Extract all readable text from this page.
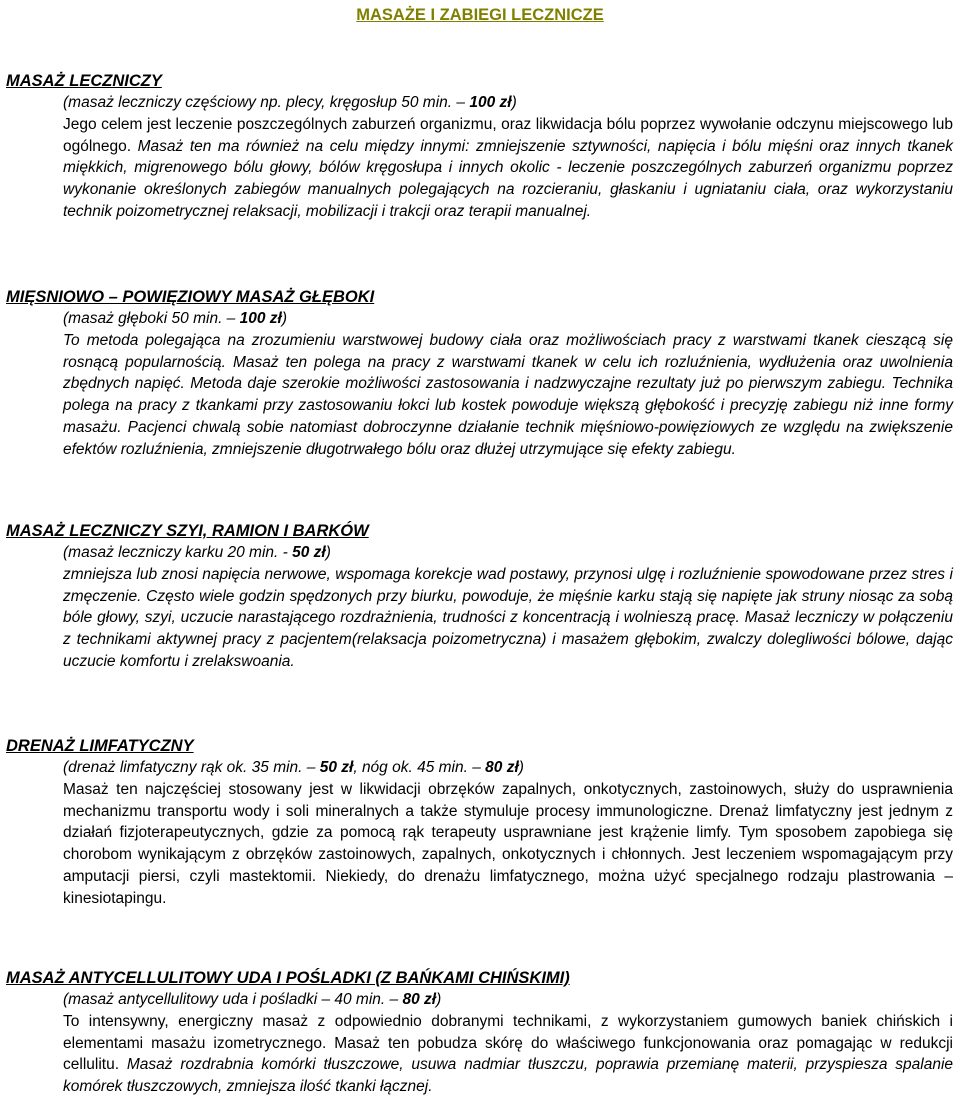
MASAŻE I ZABIEGI LECZNICZE
MASAŻ LECZNICZY
(masaż leczniczy częściowy np. plecy, kręgosłup 50 min. – 100 zł)
Jego celem jest leczenie poszczególnych zaburzeń organizmu, oraz likwidacja bólu poprzez wywołanie odczynu miejscowego lub ogólnego. Masaż ten ma również na celu między innymi: zmniejszenie sztywności, napięcia i bólu mięśni oraz innych tkanek miękkich, migrenowego bólu głowy, bólów kręgosłupa i innych okolic - leczenie poszczególnych zaburzeń organizmu poprzez wykonanie określonych zabiegów manualnych polegających na rozcieraniu, głaskaniu i ugniataniu ciała, oraz wykorzystaniu technik poizometrycznej relaksacji, mobilizacji i trakcji oraz terapii manualnej.
MIĘSNIOWO – POWIĘZIOWY MASAŻ GŁĘBOKI
(masaż głęboki 50 min. – 100 zł)
To metoda polegająca na zrozumieniu warstwowej budowy ciała oraz możliwościach pracy z warstwami tkanek cieszącą się rosnącą popularnością. Masaż ten polega na pracy z warstwami tkanek w celu ich rozluźnienia, wydłużenia oraz uwolnienia zbędnych napięć. Metoda daje szerokie możliwości zastosowania i nadzwyczajne rezultaty już po pierwszym zabiegu. Technika polega na pracy z tkankami przy zastosowaniu łokci lub kostek powoduje większą głębokość i precyzję zabiegu niż inne formy masażu. Pacjenci chwalą sobie natomiast dobroczynne działanie technik mięśniowo-powięziowych ze względu na zwiększenie efektów rozluźnienia, zmniejszenie długotrwałego bólu oraz dłużej utrzymujące się efekty zabiegu.
MASAŻ LECZNICZY SZYI, RAMION I BARKÓW
(masaż leczniczy karku 20 min. - 50 zł)
zmniejsza lub znosi napięcia nerwowe, wspomaga korekcje wad postawy, przynosi ulgę i rozluźnienie spowodowane przez stres i zmęczenie. Często wiele godzin spędzonych przy biurku, powoduje, że mięśnie karku stają się napięte jak struny niosąc za sobą bóle głowy, szyi, uczucie narastającego rozdrażnienia, trudności z koncentracją i wolnieszą pracę. Masaż leczniczy w połączeniu z technikami aktywnej pracy z pacjentem(relaksacja poizometryczna) i masażem głębokim, zwalczy dolegliwości bólowe, dając uczucie komfortu i zrelakswoania.
DRENAŻ LIMFATYCZNY
(drenaż limfatyczny rąk ok. 35 min. – 50 zł, nóg ok. 45 min. – 80 zł)
Masaż ten najczęściej stosowany jest w likwidacji obrzęków zapalnych, onkotycznych, zastoinowych, służy do usprawnienia mechanizmu transportu wody i soli mineralnych a także stymuluje procesy immunologiczne. Drenaż limfatyczny jest jednym z działań fizjoterapeutycznych, gdzie za pomocą rąk terapeuty usprawniane jest krążenie limfy. Tym sposobem zapobiega się chorobom wynikającym z obrzęków zastoinowych, zapalnych, onkotycznych i chłonnych. Jest leczeniem wspomagającym przy amputacji piersi, czyli mastektomii. Niekiedy, do drenażu limfatycznego, można użyć specjalnego rodzaju plastrowania – kinesiotapingu.
MASAŻ ANTYCELLULITOWY UDA I POŚLADKI (Z BAŃKAMI CHIŃSKIMI)
(masaż antycellulitowy uda i pośladki – 40 min. – 80 zł)
To intensywny, energiczny masaż z odpowiednio dobranymi technikami, z wykorzystaniem gumowych baniek chińskich i elementami masażu izometrycznego. Masaż ten pobudza skórę do właściwego funkcjonowania oraz pomagając w redukcji cellulitu. Masaż rozdrabnia komórki tłuszczowe, usuwa nadmiar tłuszczu, poprawia przemianę materii, przyspiesza spalanie komórek tłuszczowych, zmniejsza ilość tkanki łącznej.
